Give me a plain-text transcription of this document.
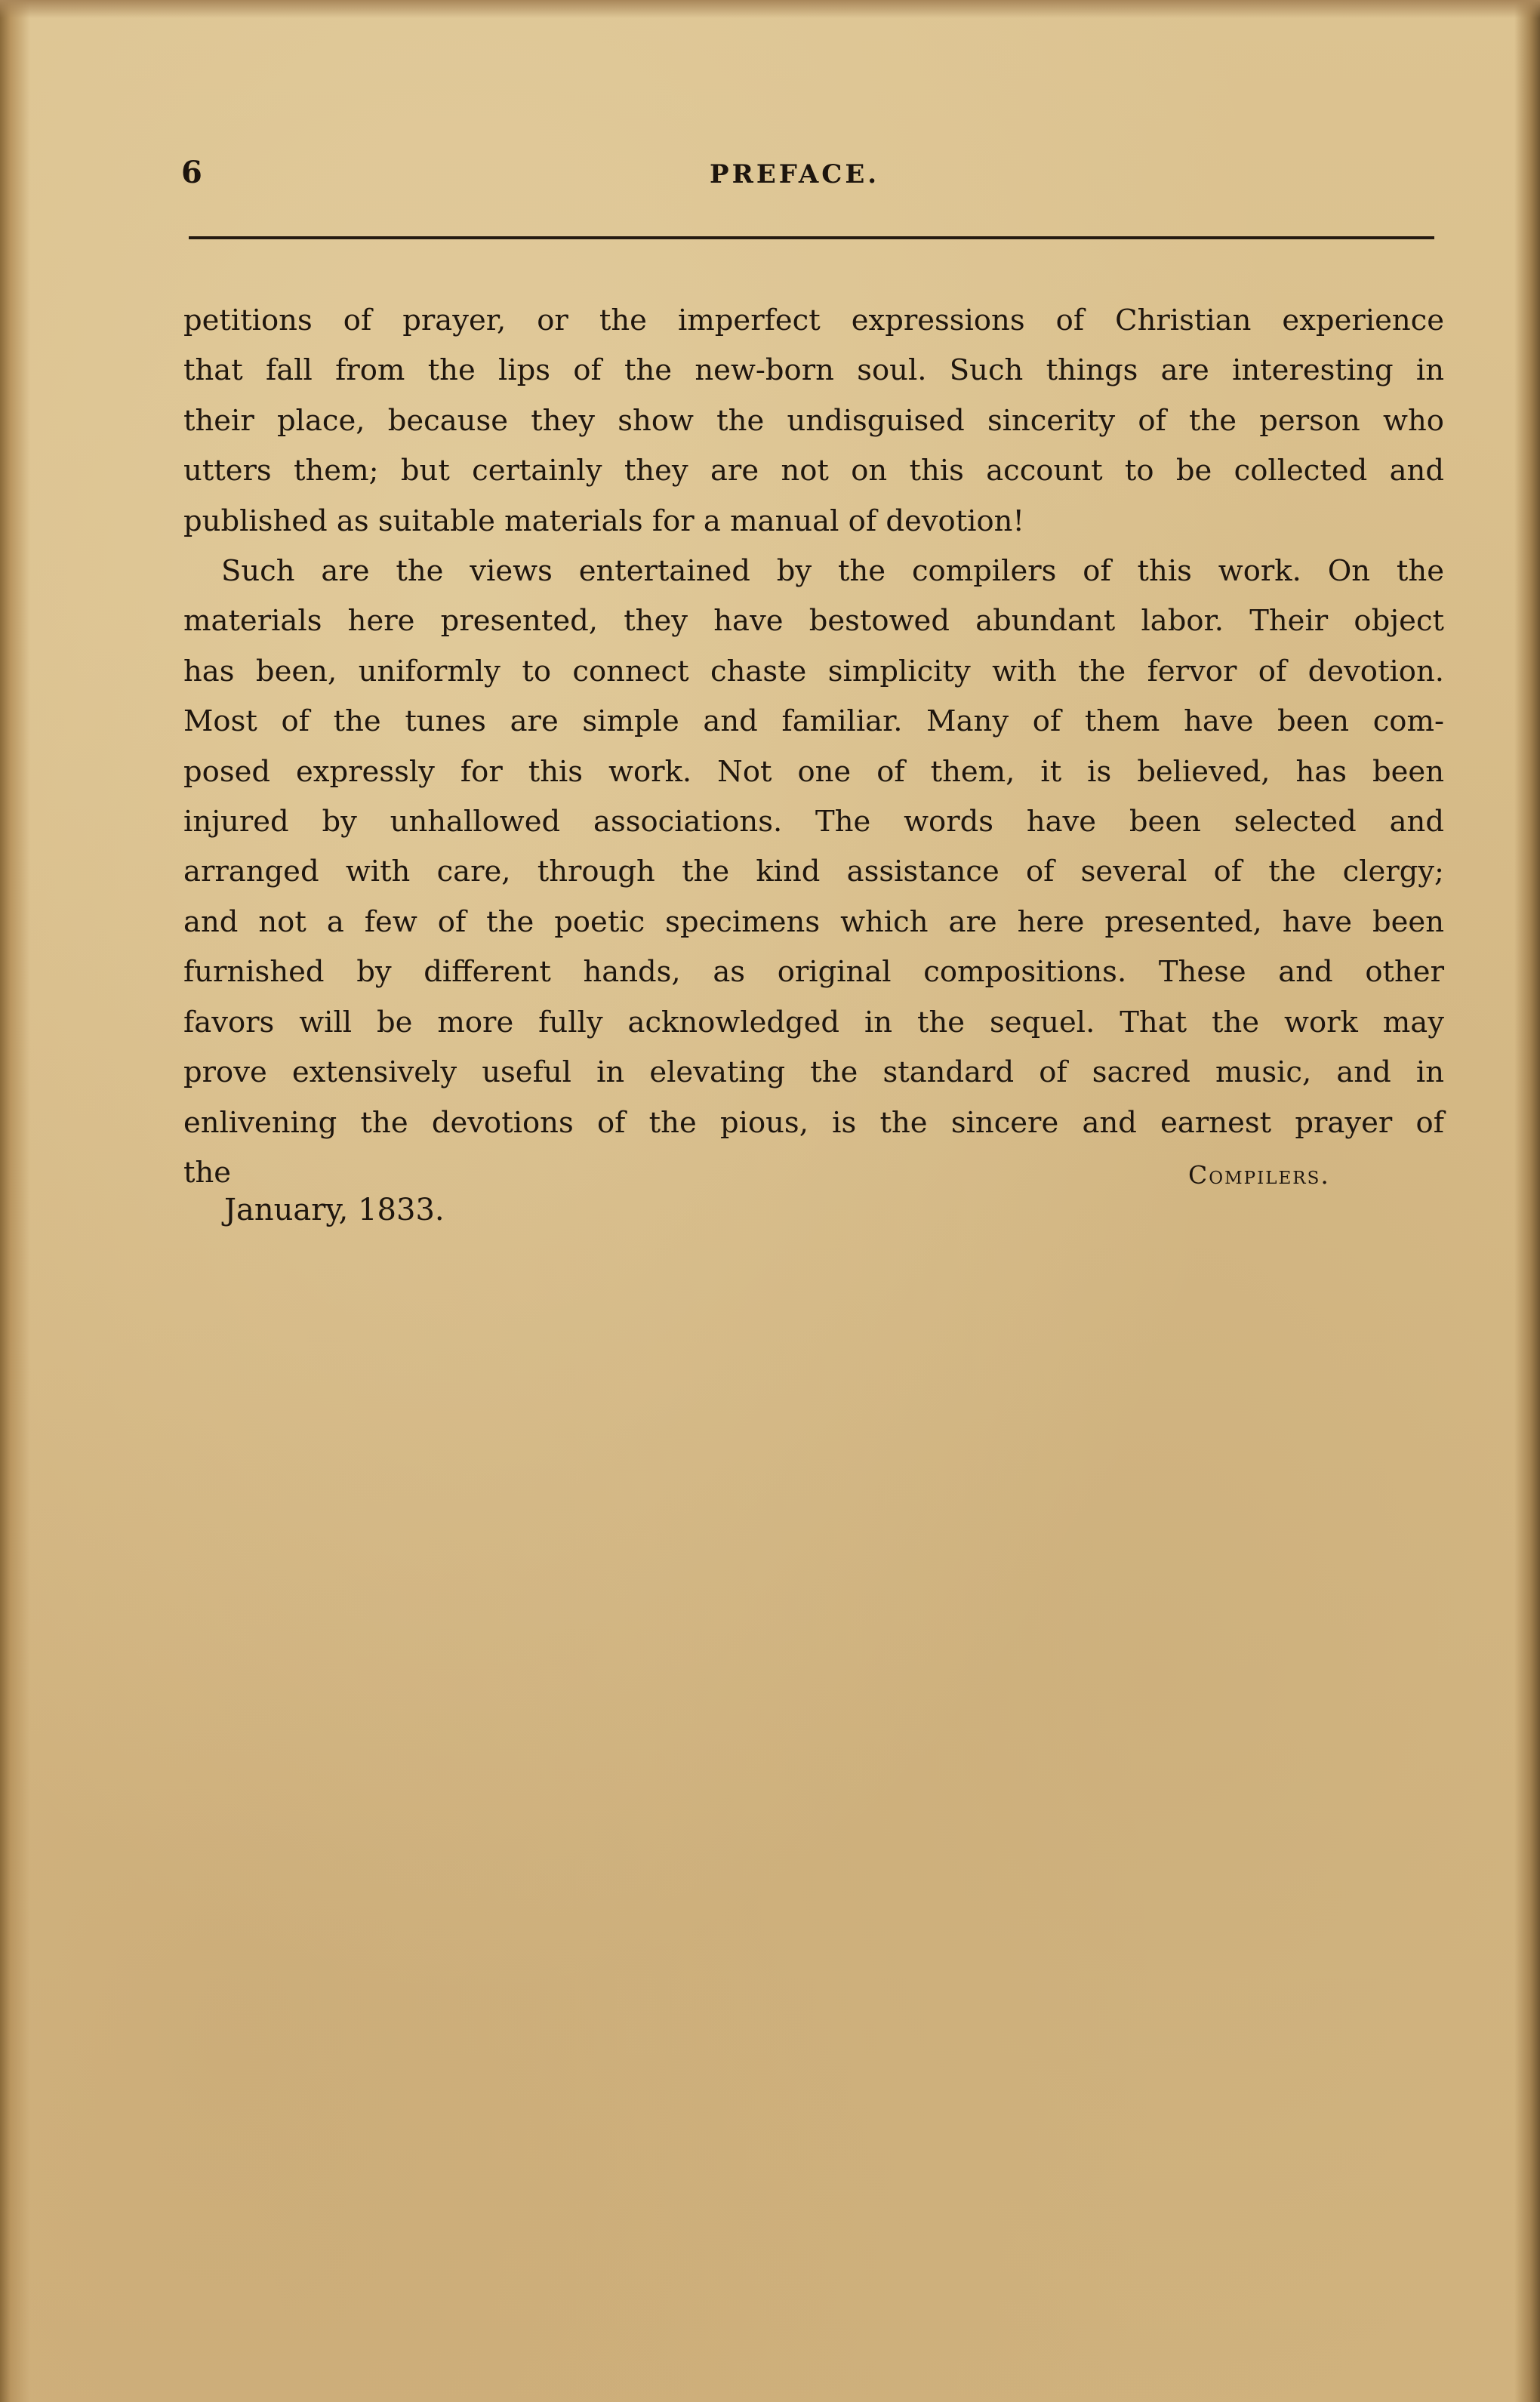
6	PREFACE.

petitions of prayer, or the imperfect expressions of Christian experience

that fall from the lips of the new-born soul. Such things are interesting in

their place, because they show the undisguised sincerity of the person who

utters them; but certainly they are not on this account to be collected and

published as suitable materials for a manual of devotion!

Such are the views entertained by the compilers of this work. On the

materials here presented, they have bestowed abundant labor. Their object

has been, uniformly to connect chaste simplicity with the fervor of devotion.

Most of the tunes are simple and familiar. Many of them have been com-

posed expressly for this work. Not one of them, it is believed, has been

injured by unhallowed associations. The words have been selected and

arranged with care, through the kind assistance of several of the clergy;

and not a few of the poetic specimens which are here presented, have been

furnished by different hands, as original compositions. These and other

favors will be more fully acknowledged in the sequel. That the work may

prove extensively useful in elevating the standard of sacred music, and in

enlivening the devotions of the pious, is the sincere and earnest prayer of

the	Compilers.
January, 1833.
